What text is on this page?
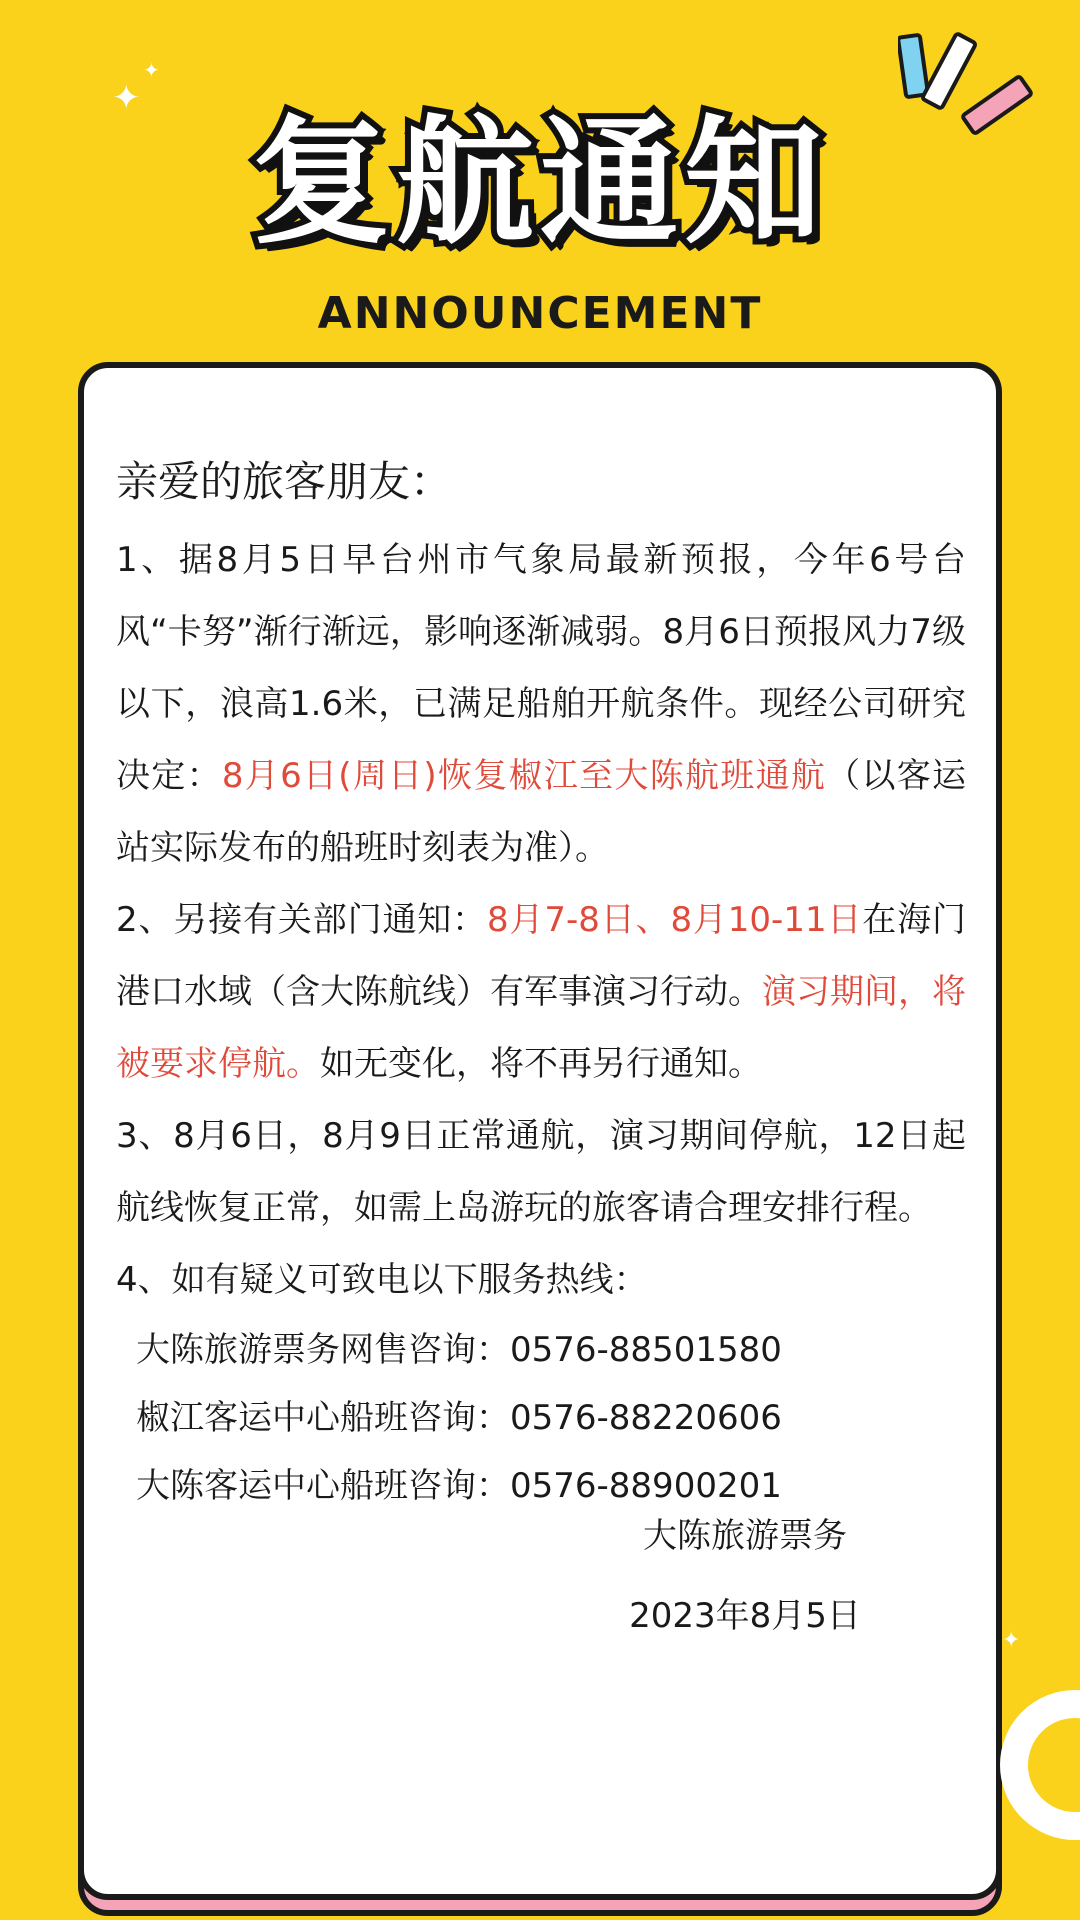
✦
✦
✦
复航通知
ANNOUNCEMENT
亲爱的旅客朋友：
1、据8月5日早台州市气象局最新预报，今年6号台风“卡努”渐行渐远，影响逐渐减弱。8月6日预报风力7级以下，浪高1.6米，已满足船舶开航条件。现经公司研究决定：8月6日(周日)恢复椒江至大陈航班通航（以客运站实际发布的船班时刻表为准）。
2、另接有关部门通知：8月7-8日、8月10-11日在海门港口水域（含大陈航线）有军事演习行动。演习期间，将被要求停航。如无变化，将不再另行通知。
3、8月6日，8月9日正常通航，演习期间停航，12日起航线恢复正常，如需上岛游玩的旅客请合理安排行程。
4、如有疑义可致电以下服务热线：
大陈旅游票务网售咨询：0576-88501580
椒江客运中心船班咨询：0576-88220606
大陈客运中心船班咨询：0576-88900201
大陈旅游票务
2023年8月5日
